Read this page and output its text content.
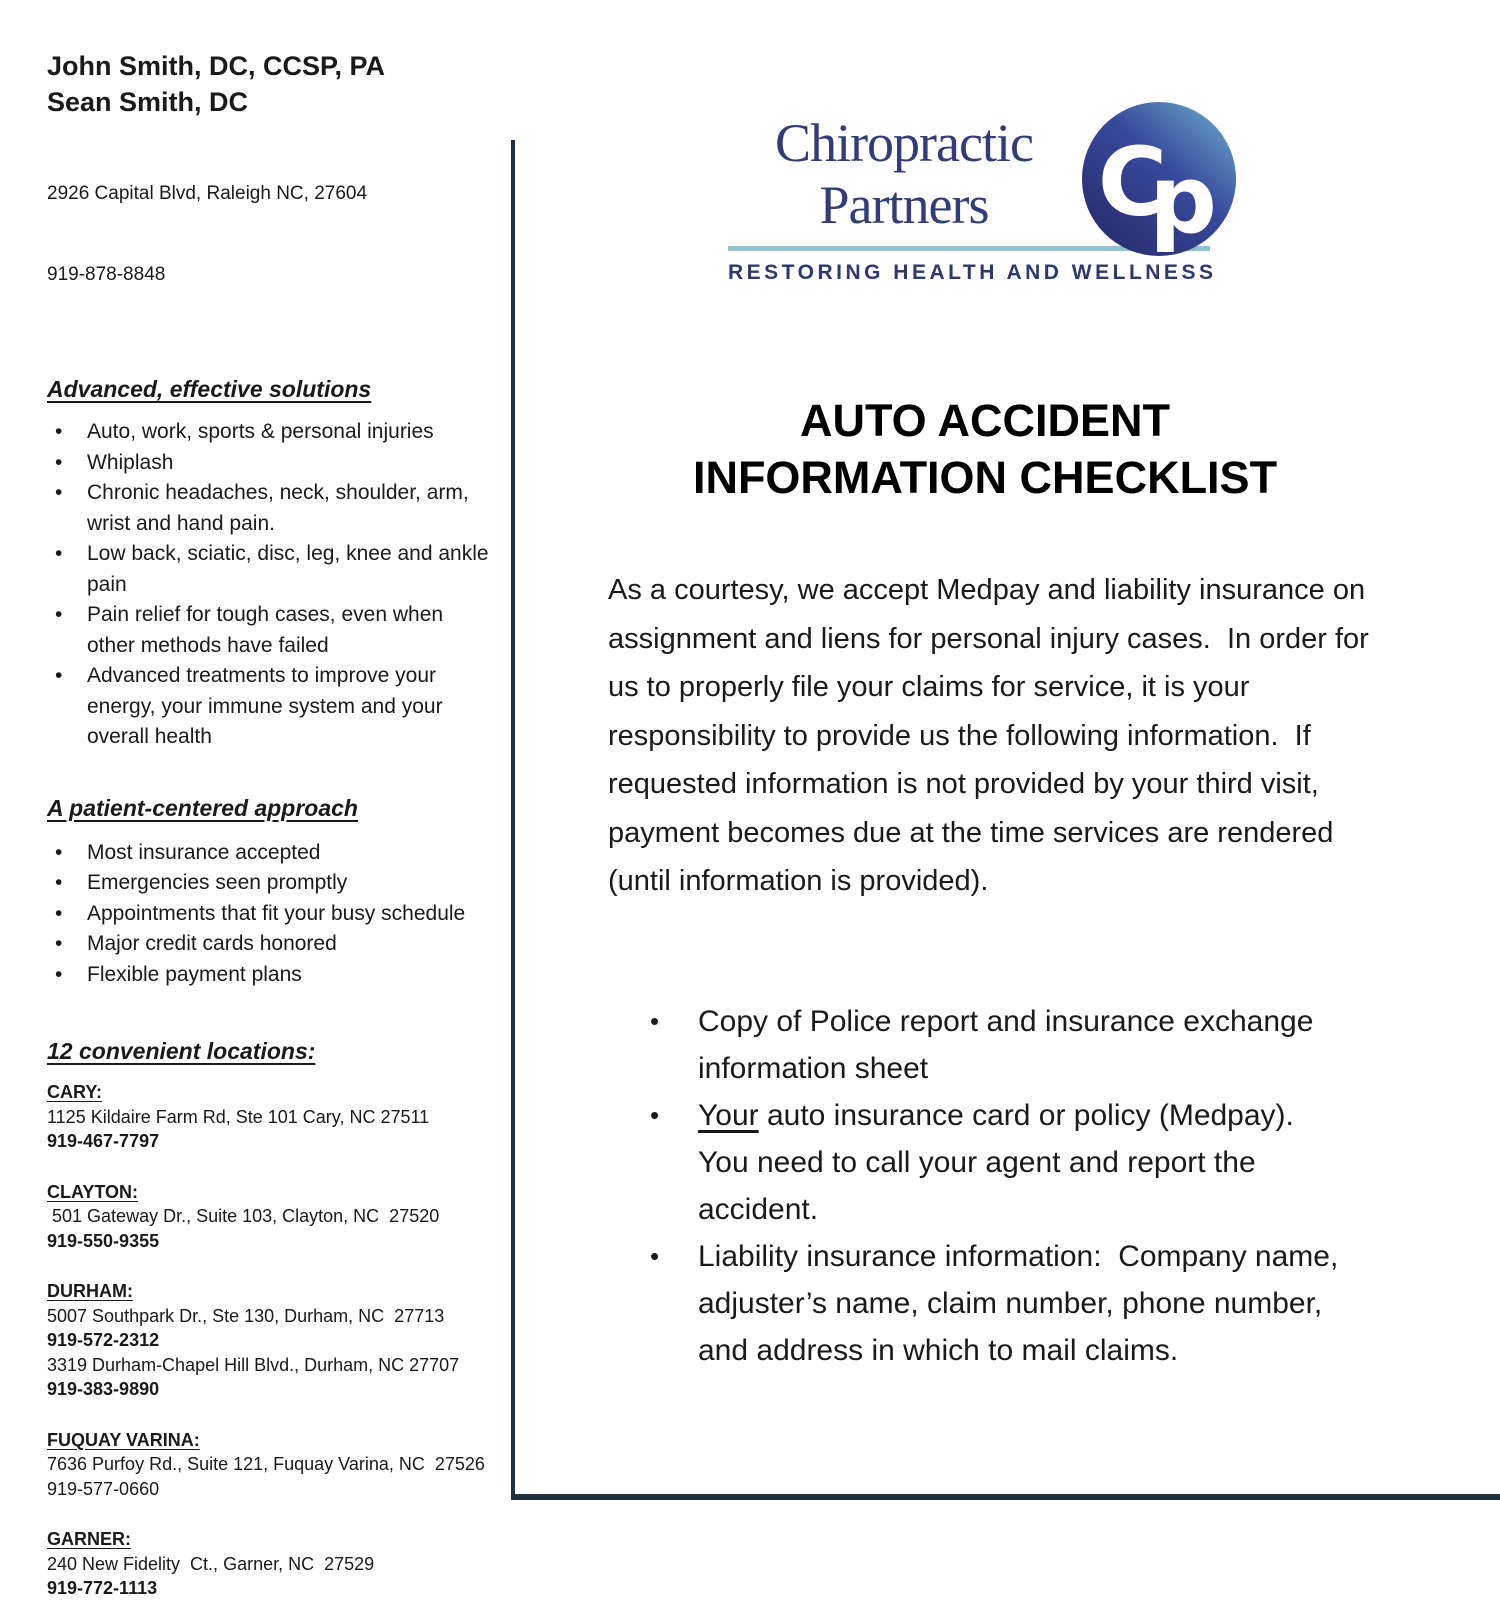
John Smith, DC, CCSP, PA
Sean Smith, DC

2926 Capital Blvd, Raleigh NC, 27604

919-878-8848

Advanced, effective solutions
•	Auto, work, sports & personal injuries
•	Whiplash
•	Chronic headaches, neck, shoulder, arm, wrist and hand pain.
•	Low back, sciatic, disc, leg, knee and ankle pain
•	Pain relief for tough cases, even when other methods have failed
•	Advanced treatments to improve your energy, your immune system and your overall health
A patient-centered approach
•	Most insurance accepted
•	Emergencies seen promptly
•	Appointments that fit your busy schedule
•	Major credit cards honored
•	Flexible payment plans
12 convenient locations:
CARY:
1125 Kildaire Farm Rd, Ste 101 Cary, NC 27511
919-467-7797
CLAYTON:
501 Gateway Dr., Suite 103, Clayton, NC  27520
919-550-9355
DURHAM:
5007 Southpark Dr., Ste 130, Durham, NC  27713
919-572-2312
3319 Durham-Chapel Hill Blvd., Durham, NC 27707
919-383-9890
FUQUAY VARINA:
7636 Purfoy Rd., Suite 121, Fuquay Varina, NC  27526
919-577-0660
GARNER:
240 New Fidelity  Ct., Garner, NC  27529
919-772-1113
Chiropractic
Partners	C
p
RESTORING HEALTH AND WELLNESS
AUTO ACCIDENT
INFORMATION CHECKLIST
As a courtesy, we accept Medpay and liability insurance on assignment and liens for personal injury cases.  In order for us to properly file your claims for service, it is your responsibility to provide us the following information.  If requested information is not provided by your third visit, payment becomes due at the time services are rendered (until information is provided).
•	Copy of Police report and insurance exchange information sheet
•	Your auto insurance card or policy (Medpay). You need to call your agent and report the accident.
•	Liability insurance information:  Company name, adjuster’s name, claim number, phone number, and address in which to mail claims.
